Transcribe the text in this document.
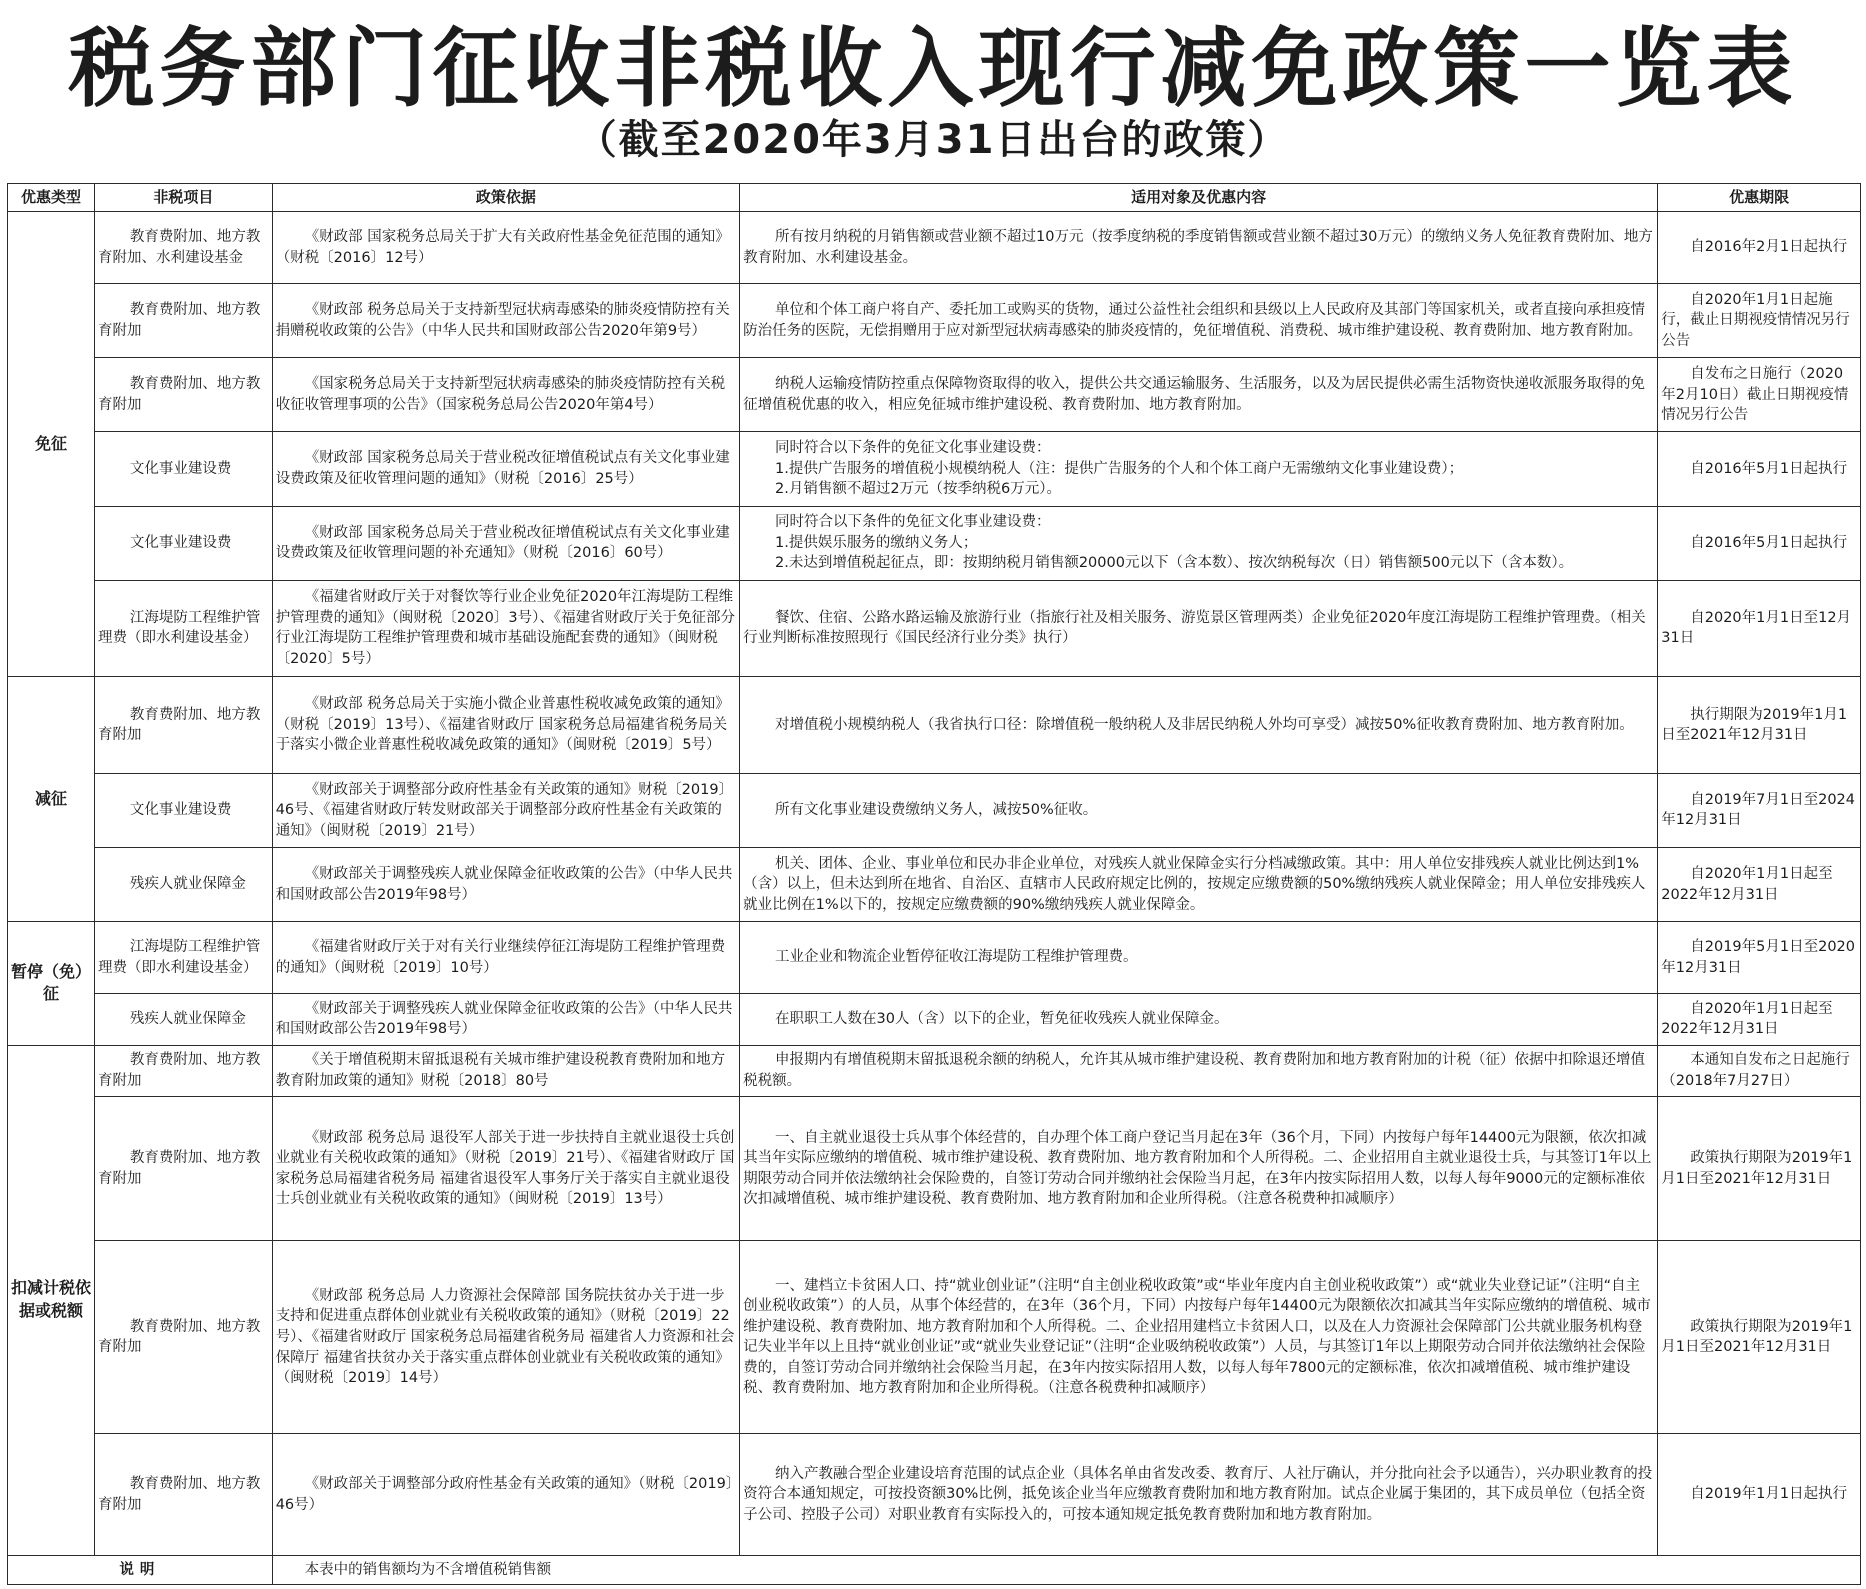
税务部门征收非税收入现行减免政策一览表
（截至2020年3月31日出台的政策）
优惠类型	非税项目	政策依据	适用对象及优惠内容	优惠期限
免征	教育费附加、地方教育附加、水利建设基金	《财政部 国家税务总局关于扩大有关政府性基金免征范围的通知》（财税〔2016〕12号）	所有按月纳税的月销售额或营业额不超过10万元（按季度纳税的季度销售额或营业额不超过30万元）的缴纳义务人免征教育费附加、地方教育附加、水利建设基金。	自2016年2月1日起执行
	教育费附加、地方教育附加	《财政部 税务总局关于支持新型冠状病毒感染的肺炎疫情防控有关捐赠税收政策的公告》（中华人民共和国财政部公告2020年第9号）	单位和个体工商户将自产、委托加工或购买的货物，通过公益性社会组织和县级以上人民政府及其部门等国家机关，或者直接向承担疫情防治任务的医院，无偿捐赠用于应对新型冠状病毒感染的肺炎疫情的，免征增值税、消费税、城市维护建设税、教育费附加、地方教育附加。	自2020年1月1日起施行，截止日期视疫情情况另行公告
	教育费附加、地方教育附加	《国家税务总局关于支持新型冠状病毒感染的肺炎疫情防控有关税收征收管理事项的公告》（国家税务总局公告2020年第4号）	纳税人运输疫情防控重点保障物资取得的收入，提供公共交通运输服务、生活服务，以及为居民提供必需生活物资快递收派服务取得的免征增值税优惠的收入，相应免征城市维护建设税、教育费附加、地方教育附加。	自发布之日施行（2020年2月10日）截止日期视疫情情况另行公告
	文化事业建设费	《财政部 国家税务总局关于营业税改征增值税试点有关文化事业建设费政策及征收管理问题的通知》（财税〔2016〕25号）	同时符合以下条件的免征文化事业建设费：
1.提供广告服务的增值税小规模纳税人（注：提供广告服务的个人和个体工商户无需缴纳文化事业建设费）；
2.月销售额不超过2万元（按季纳税6万元）。	自2016年5月1日起执行
	文化事业建设费	《财政部 国家税务总局关于营业税改征增值税试点有关文化事业建设费政策及征收管理问题的补充通知》（财税〔2016〕60号）	同时符合以下条件的免征文化事业建设费：
1.提供娱乐服务的缴纳义务人；
2.未达到增值税起征点，即：按期纳税月销售额20000元以下（含本数）、按次纳税每次（日）销售额500元以下（含本数）。	自2016年5月1日起执行
	江海堤防工程维护管理费（即水利建设基金）	《福建省财政厅关于对餐饮等行业企业免征2020年江海堤防工程维护管理费的通知》（闽财税〔2020〕3号）、《福建省财政厅关于免征部分行业江海堤防工程维护管理费和城市基础设施配套费的通知》（闽财税〔2020〕5号）	餐饮、住宿、公路水路运输及旅游行业（指旅行社及相关服务、游览景区管理两类）企业免征2020年度江海堤防工程维护管理费。（相关行业判断标准按照现行《国民经济行业分类》执行）	自2020年1月1日至12月31日
减征	教育费附加、地方教育附加	《财政部 税务总局关于实施小微企业普惠性税收减免政策的通知》（财税〔2019〕13号）、《福建省财政厅 国家税务总局福建省税务局关于落实小微企业普惠性税收减免政策的通知》（闽财税〔2019〕5号）	对增值税小规模纳税人（我省执行口径：除增值税一般纳税人及非居民纳税人外均可享受）减按50%征收教育费附加、地方教育附加。	执行期限为2019年1月1日至2021年12月31日
	文化事业建设费	《财政部关于调整部分政府性基金有关政策的通知》财税〔2019〕46号、《福建省财政厅转发财政部关于调整部分政府性基金有关政策的通知》（闽财税〔2019〕21号）	所有文化事业建设费缴纳义务人，减按50%征收。	自2019年7月1日至2024年12月31日
	残疾人就业保障金	《财政部关于调整残疾人就业保障金征收政策的公告》（中华人民共和国财政部公告2019年98号）	机关、团体、企业、事业单位和民办非企业单位，对残疾人就业保障金实行分档减缴政策。其中：用人单位安排残疾人就业比例达到1%（含）以上，但未达到所在地省、自治区、直辖市人民政府规定比例的，按规定应缴费额的50%缴纳残疾人就业保障金；用人单位安排残疾人就业比例在1%以下的，按规定应缴费额的90%缴纳残疾人就业保障金。	自2020年1月1日起至2022年12月31日
暂停（免）征	江海堤防工程维护管理费（即水利建设基金）	《福建省财政厅关于对有关行业继续停征江海堤防工程维护管理费的通知》（闽财税〔2019〕10号）	工业企业和物流企业暂停征收江海堤防工程维护管理费。	自2019年5月1日至2020年12月31日
	残疾人就业保障金	《财政部关于调整残疾人就业保障金征收政策的公告》（中华人民共和国财政部公告2019年98号）	在职职工人数在30人（含）以下的企业，暂免征收残疾人就业保障金。	自2020年1月1日起至2022年12月31日
扣减计税依据或税额	教育费附加、地方教育附加	《关于增值税期末留抵退税有关城市维护建设税教育费附加和地方教育附加政策的通知》财税〔2018〕80号	申报期内有增值税期末留抵退税余额的纳税人，允许其从城市维护建设税、教育费附加和地方教育附加的计税（征）依据中扣除退还增值税税额。	本通知自发布之日起施行（2018年7月27日）
	教育费附加、地方教育附加	《财政部 税务总局 退役军人部关于进一步扶持自主就业退役士兵创业就业有关税收政策的通知》（财税〔2019〕21号）、《福建省财政厅 国家税务总局福建省税务局 福建省退役军人事务厅关于落实自主就业退役士兵创业就业有关税收政策的通知》（闽财税〔2019〕13号）	一、自主就业退役士兵从事个体经营的，自办理个体工商户登记当月起在3年（36个月，下同）内按每户每年14400元为限额，依次扣减其当年实际应缴纳的增值税、城市维护建设税、教育费附加、地方教育附加和个人所得税。二、企业招用自主就业退役士兵，与其签订1年以上期限劳动合同并依法缴纳社会保险费的，自签订劳动合同并缴纳社会保险当月起，在3年内按实际招用人数，以每人每年9000元的定额标准依次扣减增值税、城市维护建设税、教育费附加、地方教育附加和企业所得税。（注意各税费种扣减顺序）	政策执行期限为2019年1月1日至2021年12月31日
	教育费附加、地方教育附加	《财政部 税务总局 人力资源社会保障部 国务院扶贫办关于进一步支持和促进重点群体创业就业有关税收政策的通知》（财税〔2019〕22号）、《福建省财政厅 国家税务总局福建省税务局 福建省人力资源和社会保障厅 福建省扶贫办关于落实重点群体创业就业有关税收政策的通知》（闽财税〔2019〕14号）	一、建档立卡贫困人口、持“就业创业证”（注明“自主创业税收政策”或“毕业年度内自主创业税收政策”）或“就业失业登记证”（注明“自主创业税收政策”）的人员，从事个体经营的，在3年（36个月，下同）内按每户每年14400元为限额依次扣减其当年实际应缴纳的增值税、城市维护建设税、教育费附加、地方教育附加和个人所得税。二、企业招用建档立卡贫困人口，以及在人力资源社会保障部门公共就业服务机构登记失业半年以上且持“就业创业证”或“就业失业登记证”（注明“企业吸纳税收政策”）人员，与其签订1年以上期限劳动合同并依法缴纳社会保险费的，自签订劳动合同并缴纳社会保险当月起，在3年内按实际招用人数，以每人每年7800元的定额标准，依次扣减增值税、城市维护建设税、教育费附加、地方教育附加和企业所得税。（注意各税费种扣减顺序）	政策执行期限为2019年1月1日至2021年12月31日
	教育费附加、地方教育附加	《财政部关于调整部分政府性基金有关政策的通知》（财税〔2019〕46号）	纳入产教融合型企业建设培育范围的试点企业（具体名单由省发改委、教育厅、人社厅确认，并分批向社会予以通告），兴办职业教育的投资符合本通知规定，可按投资额30%比例，抵免该企业当年应缴教育费附加和地方教育附加。试点企业属于集团的，其下成员单位（包括全资子公司、控股子公司）对职业教育有实际投入的，可按本通知规定抵免教育费附加和地方教育附加。	自2019年1月1日起执行
说明		本表中的销售额均为不含增值税销售额		
